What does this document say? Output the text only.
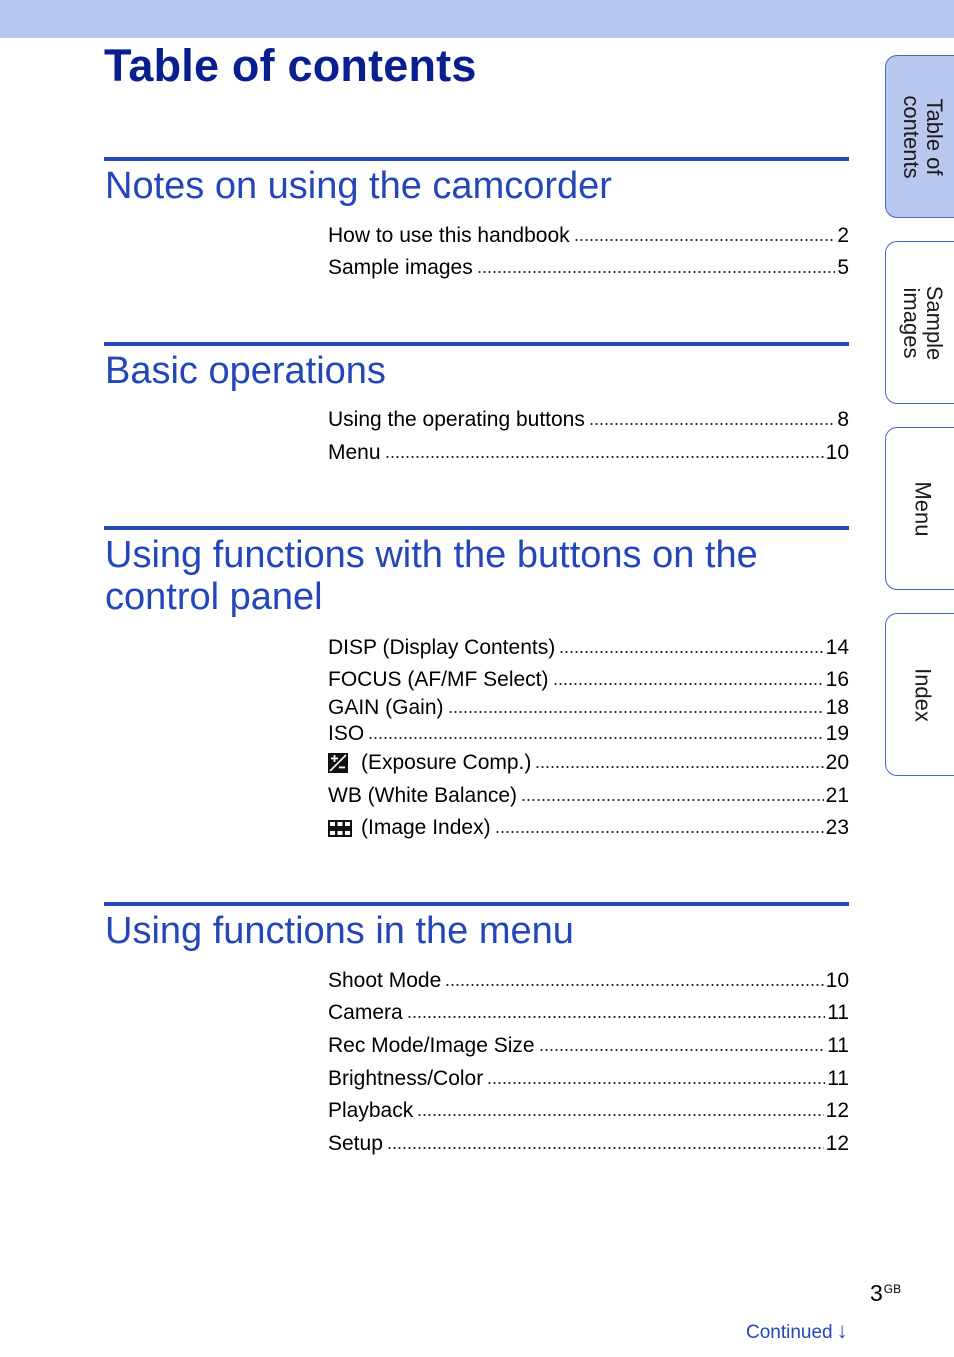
Table of contents
Notes on using the camcorder
How to use this handbook	2
Sample images	5
Basic operations
Using the operating buttons	8
Menu	10
Using functions with the buttons on the
control panel
DISP (Display Contents)	14
FOCUS (AF/MF Select)	16
GAIN (Gain)	18
ISO	19
(Exposure Comp.)	20
WB (White Balance)	21
(Image Index)	23
Using functions in the menu
Shoot Mode	10
Camera	11
Rec Mode/Image Size	11
Brightness/Color	11
Playback	12
Setup	12
Table of
contents
Sample
images
Menu
Index
$3^{GB}$
Continued ↓
